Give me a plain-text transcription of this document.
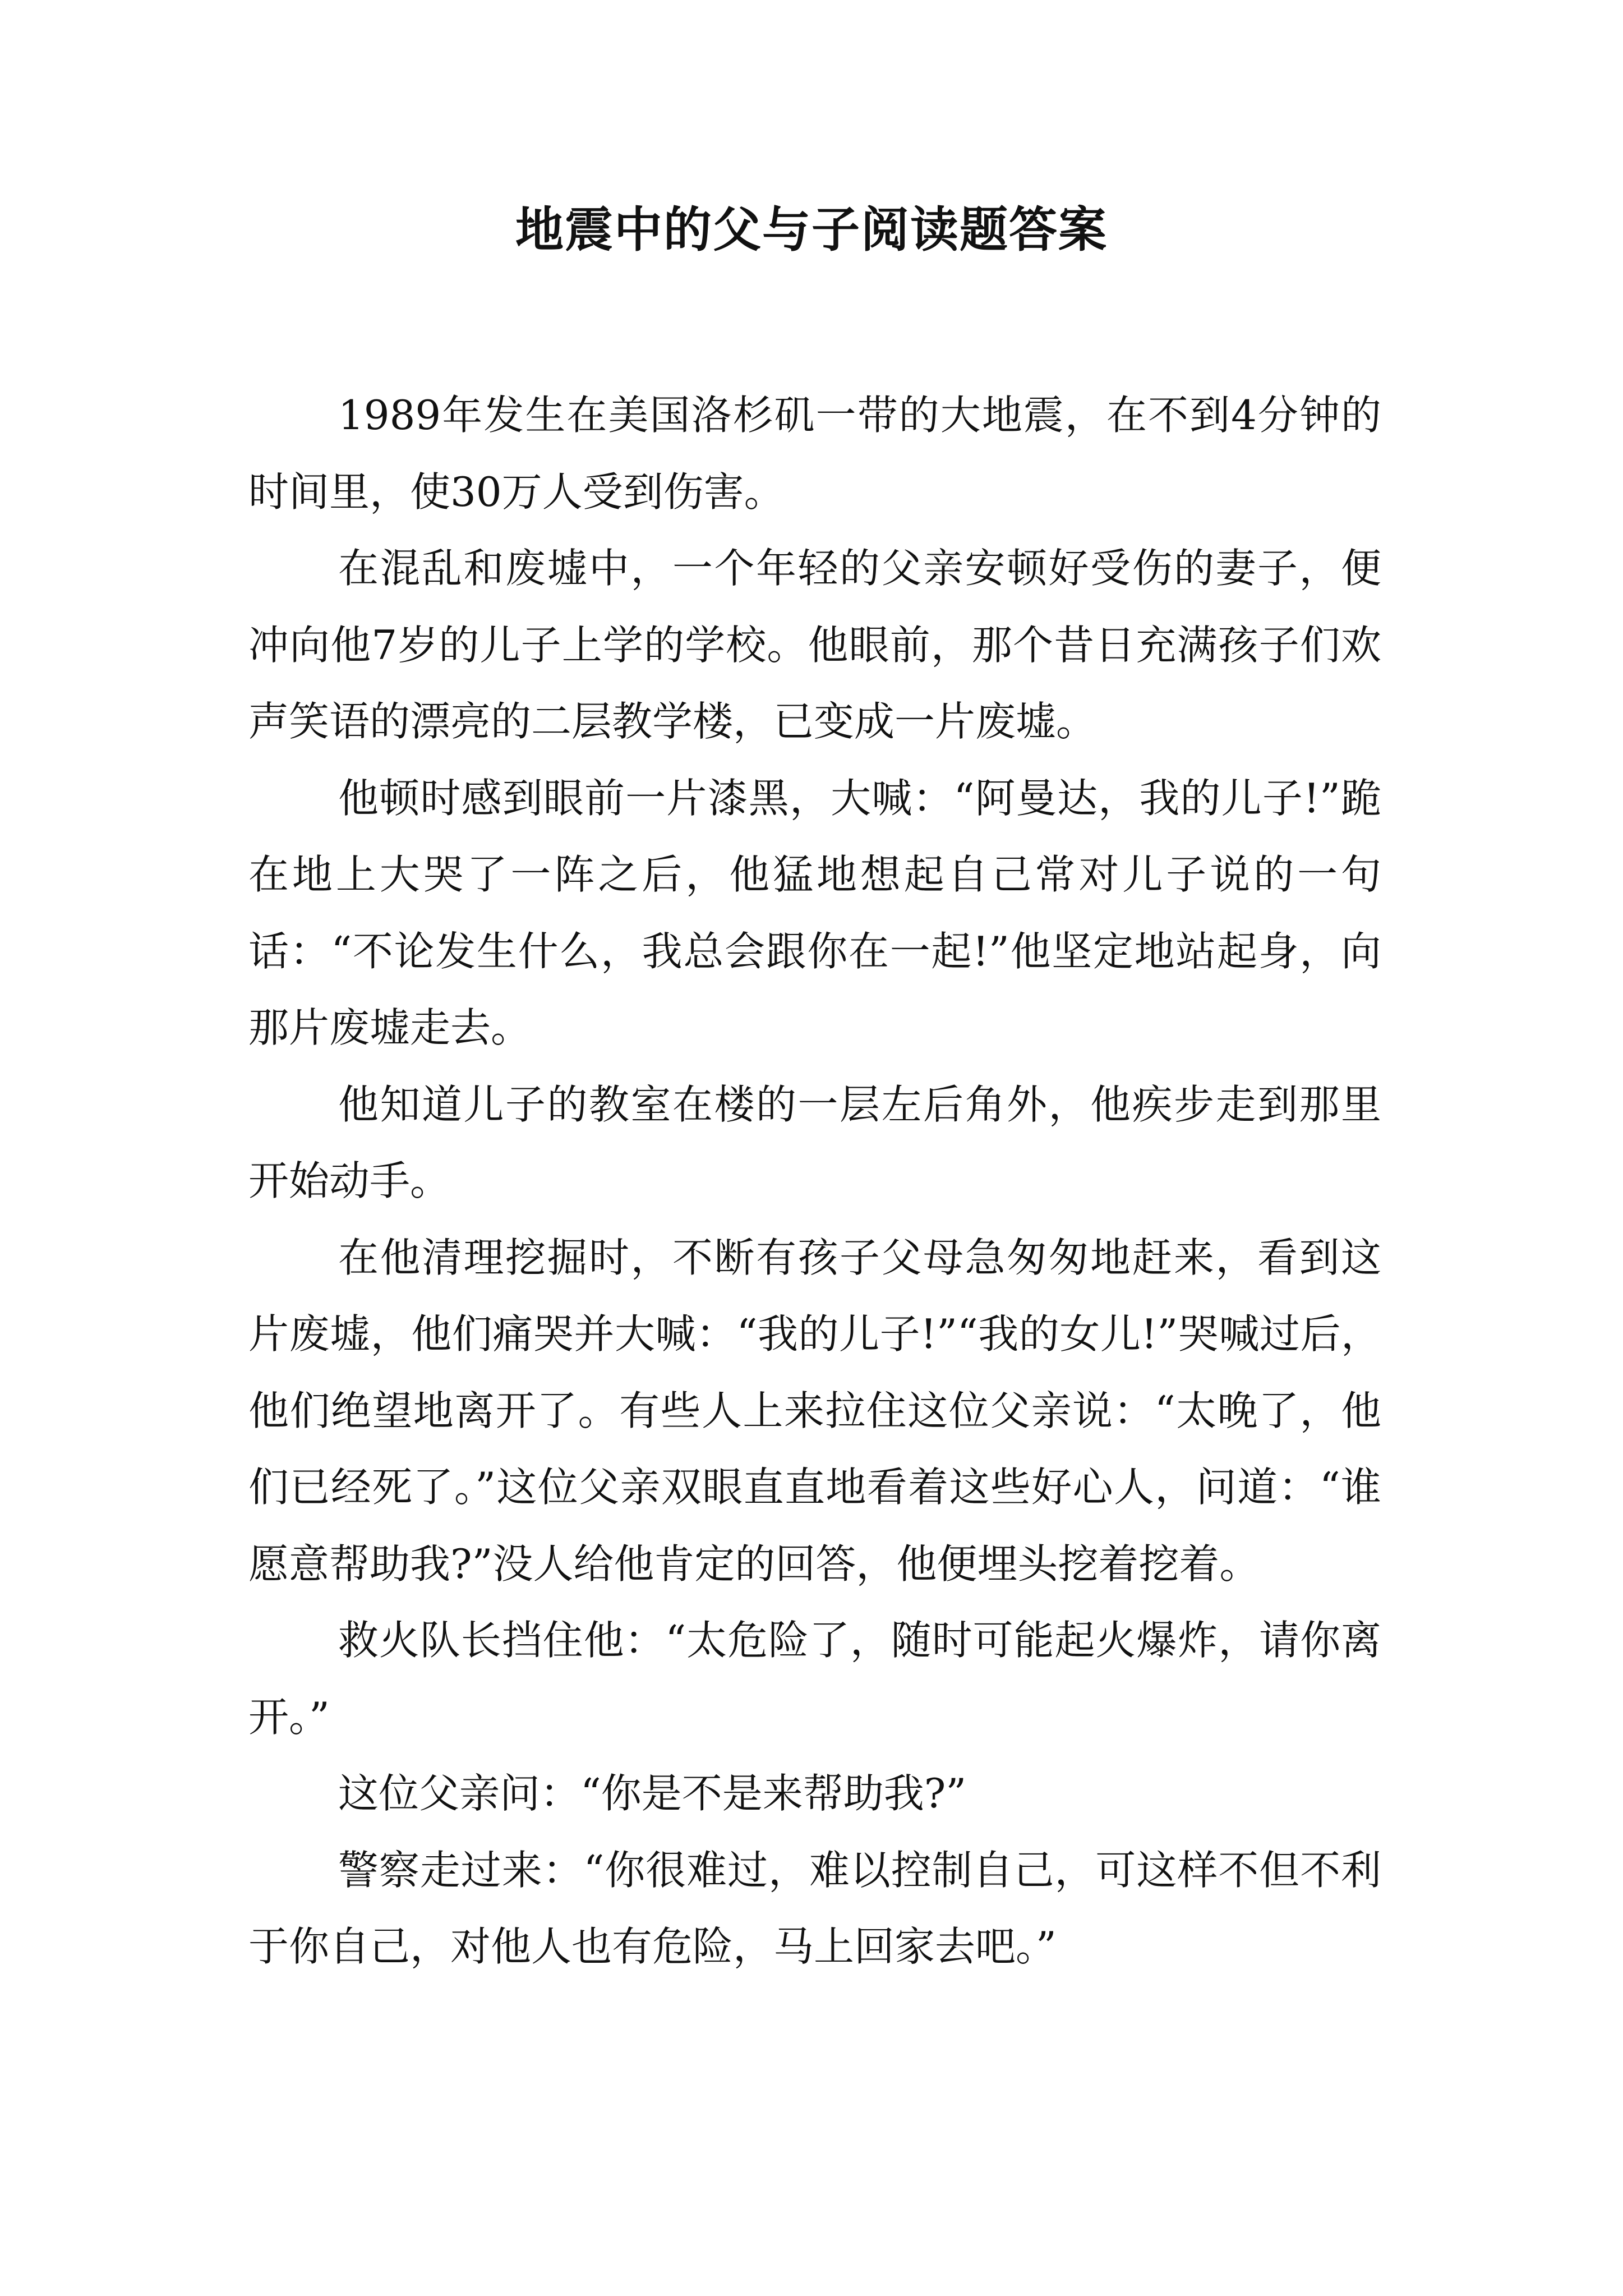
地震中的父与子阅读题答案

1989年发生在美国洛杉矶一带的大地震，在不到4分钟的时间里，使30万人受到伤害。

在混乱和废墟中，一个年轻的父亲安顿好受伤的妻子，便冲向他7岁的儿子上学的学校。他眼前，那个昔日充满孩子们欢声笑语的漂亮的二层教学楼，已变成一片废墟。

他顿时感到眼前一片漆黑，大喊：“阿曼达，我的儿子!”跪在地上大哭了一阵之后，他猛地想起自己常对儿子说的一句话：“不论发生什么，我总会跟你在一起!”他坚定地站起身，向那片废墟走去。

他知道儿子的教室在楼的一层左后角外，他疾步走到那里开始动手。

在他清理挖掘时，不断有孩子父母急匆匆地赶来，看到这片废墟，他们痛哭并大喊：“我的儿子!”“我的女儿!”哭喊过后，他们绝望地离开了。有些人上来拉住这位父亲说：“太晚了，他们已经死了。”这位父亲双眼直直地看着这些好心人，问道：“谁愿意帮助我?”没人给他肯定的回答，他便埋头挖着挖着。

救火队长挡住他：“太危险了，随时可能起火爆炸，请你离开。”

这位父亲问：“你是不是来帮助我?”

警察走过来：“你很难过，难以控制自己，可这样不但不利于你自己，对他人也有危险，马上回家去吧。”
